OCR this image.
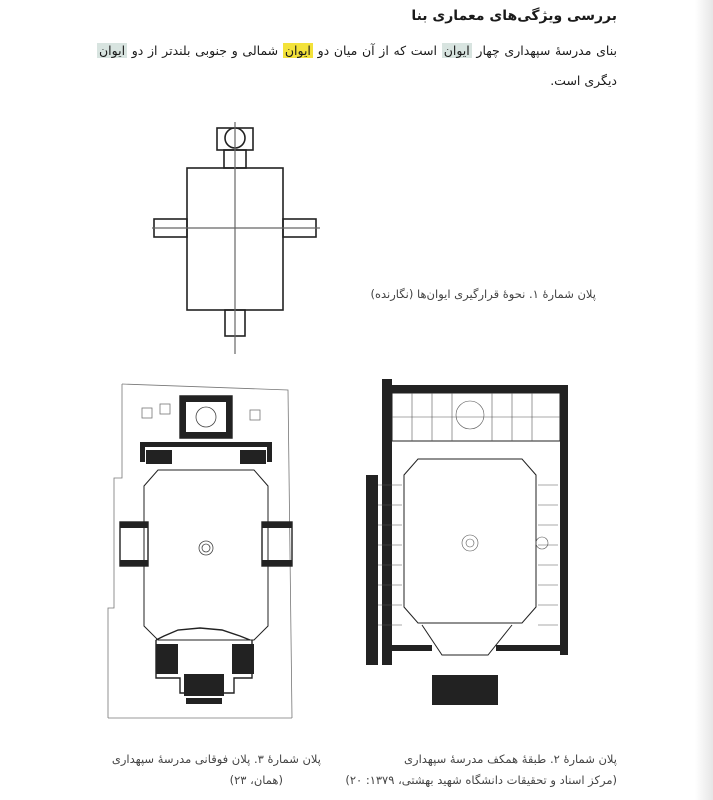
بررسی ویژگی‌های معماری بنا
بنای مدرسهٔ سپهداری چهار ایوان است که از آن میان دو ایوان شمالی و جنوبی بلندتر از دو ایوان دیگری است.
پلان شمارهٔ ۱. نحوهٔ قرارگیری ایوان‌ها (نگارنده)
پلان شمارهٔ ۲. طبقهٔ همکف مدرسهٔ سپهداری
(مرکز اسناد و تحقیقات دانشگاه شهید بهشتی، ۱۳۷۹: ۲۰)
پلان شمارهٔ ۳. پلان فوقانی مدرسهٔ سپهداری
(همان، ۲۳)
